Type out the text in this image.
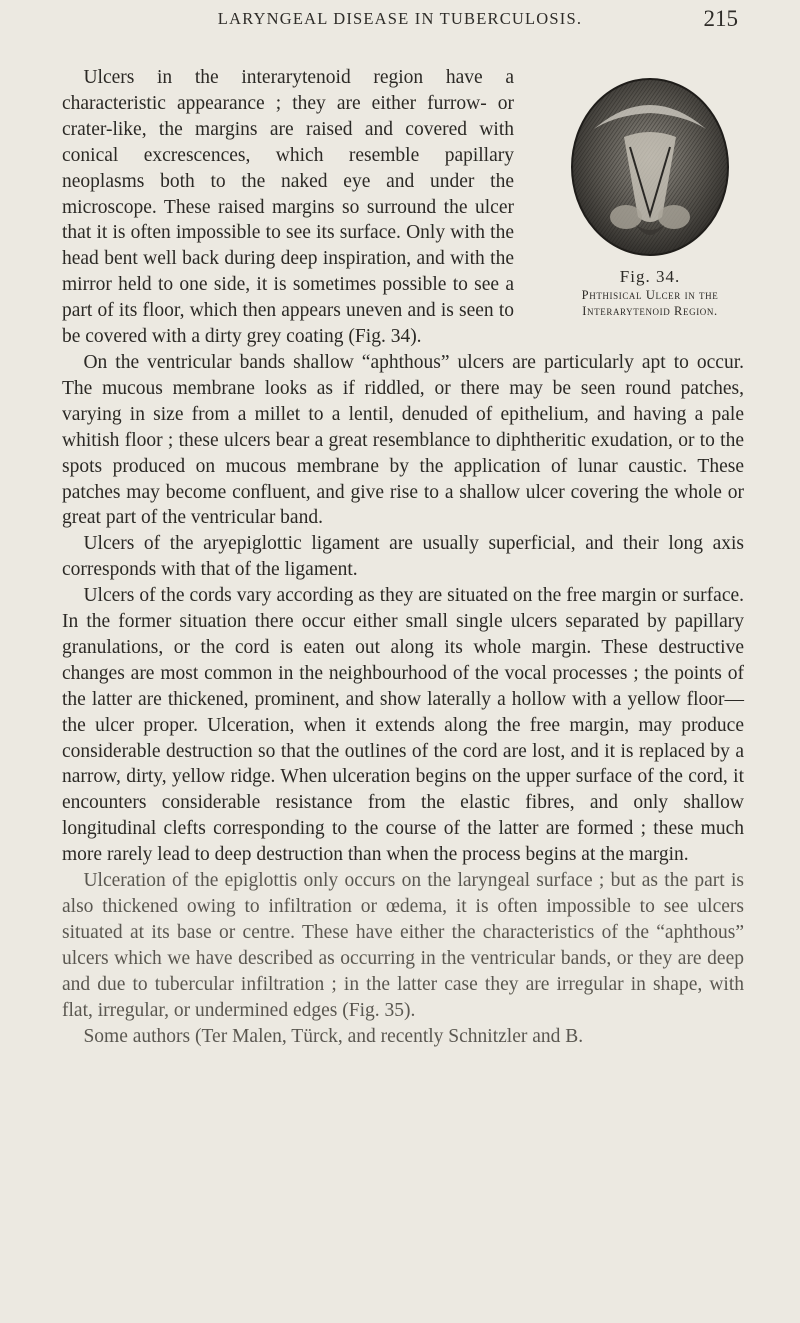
LARYNGEAL DISEASE IN TUBERCULOSIS.	215
Fig. 34.
Phthisical Ulcer in the
Interarytenoid Region.

Ulcers in the interarytenoid region have a characteristic appearance ; they are either furrow- or crater-like, the margins are raised and covered with conical excrescences, which resemble papillary neoplasms both to the naked eye and under the microscope. These raised margins so surround the ulcer that it is often impossible to see its surface. Only with the head bent well back during deep inspiration, and with the mirror held to one side, it is sometimes possible to see a part of its floor, which then appears uneven and is seen to be covered with a dirty grey coating (Fig. 34).

On the ventricular bands shallow “aphthous” ulcers are particularly apt to occur. The mucous membrane looks as if riddled, or there may be seen round patches, varying in size from a millet to a lentil, denuded of epithelium, and having a pale whitish floor ; these ulcers bear a great resemblance to diphtheritic exudation, or to the spots produced on mucous membrane by the application of lunar caustic. These patches may become confluent, and give rise to a shallow ulcer covering the whole or great part of the ventricular band.

Ulcers of the aryepiglottic ligament are usually superficial, and their long axis corresponds with that of the ligament.

Ulcers of the cords vary according as they are situated on the free margin or surface. In the former situation there occur either small single ulcers separated by papillary granulations, or the cord is eaten out along its whole margin. These destructive changes are most common in the neighbourhood of the vocal processes ; the points of the latter are thickened, prominent, and show laterally a hollow with a yellow floor—the ulcer proper. Ulceration, when it extends along the free margin, may produce considerable destruction so that the outlines of the cord are lost, and it is replaced by a narrow, dirty, yellow ridge. When ulceration begins on the upper surface of the cord, it encounters considerable resistance from the elastic fibres, and only shallow longitudinal clefts corresponding to the course of the latter are formed ; these much more rarely lead to deep destruction than when the process begins at the margin.

Ulceration of the epiglottis only occurs on the laryngeal surface ; but as the part is also thickened owing to infiltration or œdema, it is often impossible to see ulcers situated at its base or centre. These have either the characteristics of the “aphthous” ulcers which we have described as occurring in the ventricular bands, or they are deep and due to tubercular infiltration ; in the latter case they are irregular in shape, with flat, irregular, or undermined edges (Fig. 35).

Some authors (Ter Malen, Türck, and recently Schnitzler and B.
